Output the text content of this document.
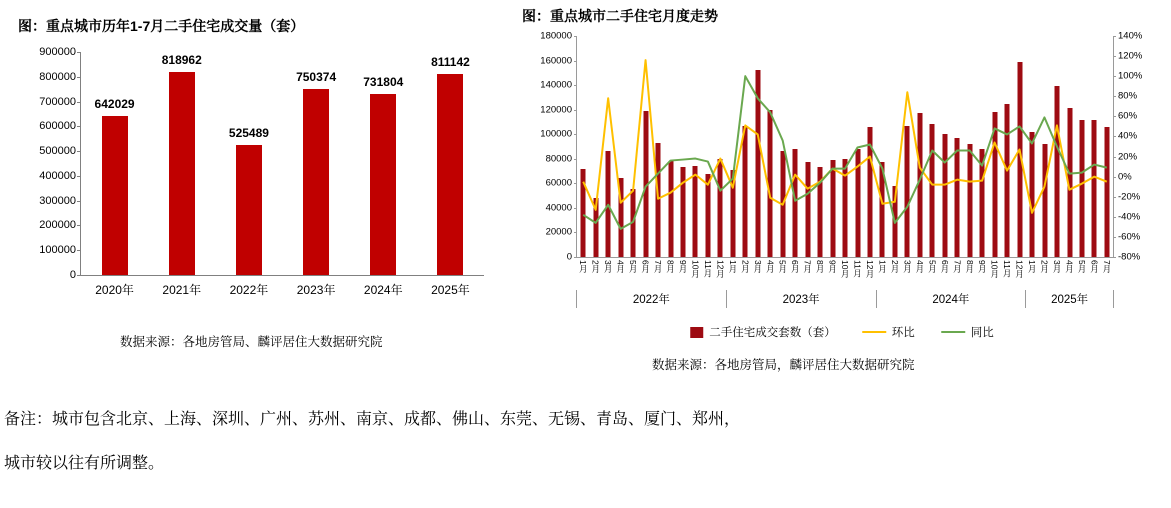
图：重点城市历年1-7月二手住宅成交量（套）
0
100000
200000
300000
400000
500000
600000
700000
800000
900000
642029
2020年
818962
2021年
525489
2022年
750374
2023年
731804
2024年
811142
2025年
数据来源：各地房管局、麟评居住大数据研究院
图：重点城市二手住宅月度走势
0
20000
40000
60000
80000
100000
120000
140000
160000
180000
-80%
-60%
-40%
-20%
0%
20%
40%
60%
80%
100%
120%
140%
1月 2月 3月 4月 5月 6月 7月 8月 9月 10月 11月 12月 1月 2月 3月 4月 5月 6月 7月 8月 9月 10月 11月 12月 1月 2月 3月 4月 5月 6月 7月 8月 9月 10月 11月 12月 1月 2月 3月 4月 5月 6月 7月
2022年	2023年	2024年	2025年
二手住宅成交套数（套）	环比	同比
数据来源：各地房管局，麟评居住大数据研究院
备注：城市包含北京、上海、深圳、广州、苏州、南京、成都、佛山、东莞、无锡、青岛、厦门、郑州，
城市较以往有所调整。
